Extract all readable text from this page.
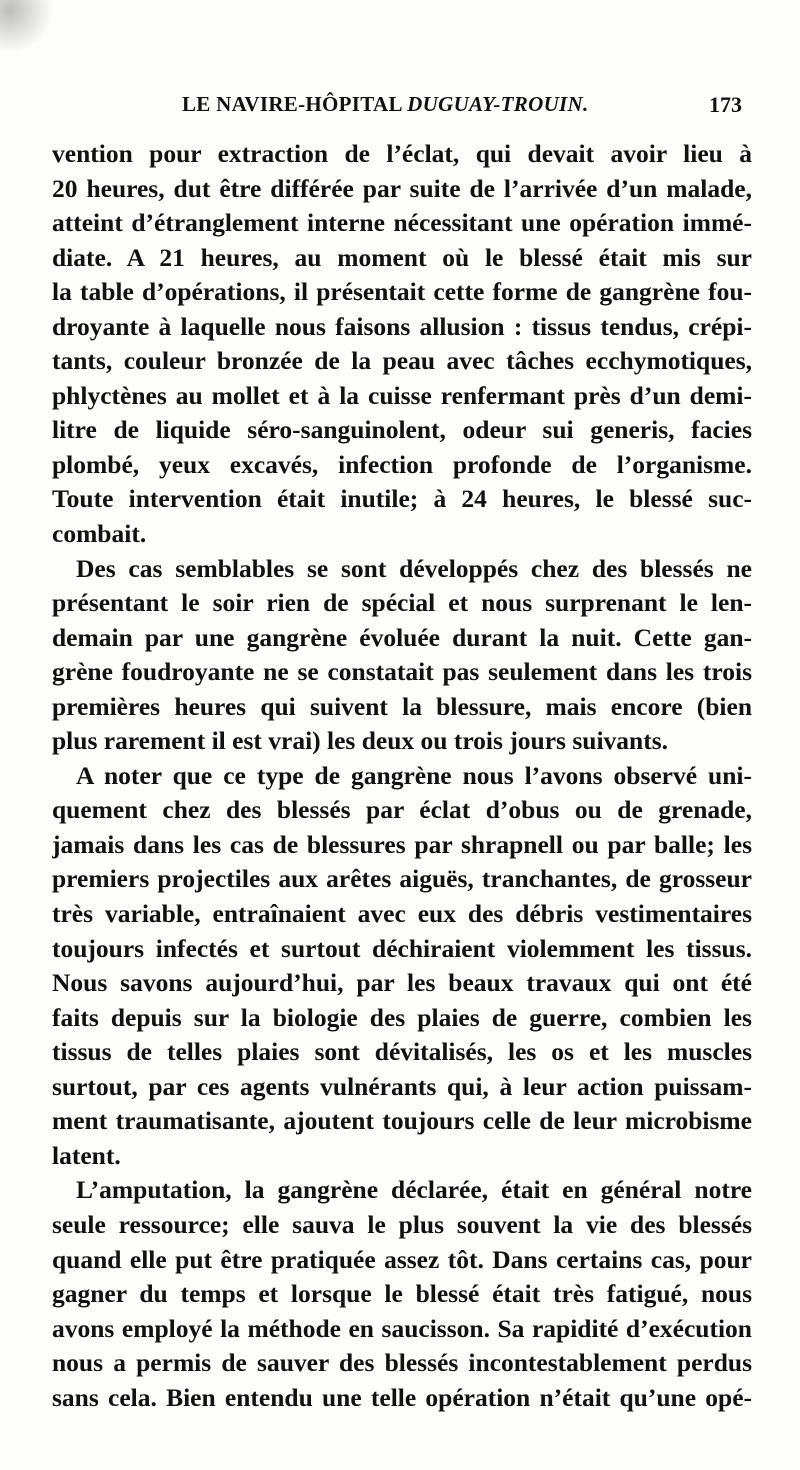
LE NAVIRE-HÔPITAL DUGUAY-TROUIN.	173
vention pour extraction de l’éclat, qui devait avoir lieu à
20 heures, dut être différée par suite de l’arrivée d’un malade,
atteint d’étranglement interne nécessitant une opération immé-
diate. A 21 heures, au moment où le blessé était mis sur
la table d’opérations, il présentait cette forme de gangrène fou-
droyante à laquelle nous faisons allusion : tissus tendus, crépi-
tants, couleur bronzée de la peau avec tâches ecchymotiques,
phlyctènes au mollet et à la cuisse renfermant près d’un demi-
litre de liquide séro-sanguinolent, odeur sui generis, facies
plombé, yeux excavés, infection profonde de l’organisme.
Toute intervention était inutile; à 24 heures, le blessé suc-
combait.
Des cas semblables se sont développés chez des blessés ne
présentant le soir rien de spécial et nous surprenant le len-
demain par une gangrène évoluée durant la nuit. Cette gan-
grène foudroyante ne se constatait pas seulement dans les trois
premières heures qui suivent la blessure, mais encore (bien
plus rarement il est vrai) les deux ou trois jours suivants.
A noter que ce type de gangrène nous l’avons observé uni-
quement chez des blessés par éclat d’obus ou de grenade,
jamais dans les cas de blessures par shrapnell ou par balle; les
premiers projectiles aux arêtes aiguës, tranchantes, de grosseur
très variable, entraînaient avec eux des débris vestimentaires
toujours infectés et surtout déchiraient violemment les tissus.
Nous savons aujourd’hui, par les beaux travaux qui ont été
faits depuis sur la biologie des plaies de guerre, combien les
tissus de telles plaies sont dévitalisés, les os et les muscles
surtout, par ces agents vulnérants qui, à leur action puissam-
ment traumatisante, ajoutent toujours celle de leur microbisme
latent.
L’amputation, la gangrène déclarée, était en général notre
seule ressource; elle sauva le plus souvent la vie des blessés
quand elle put être pratiquée assez tôt. Dans certains cas, pour
gagner du temps et lorsque le blessé était très fatigué, nous
avons employé la méthode en saucisson. Sa rapidité d’exécution
nous a permis de sauver des blessés incontestablement perdus
sans cela. Bien entendu une telle opération n’était qu’une opé-
